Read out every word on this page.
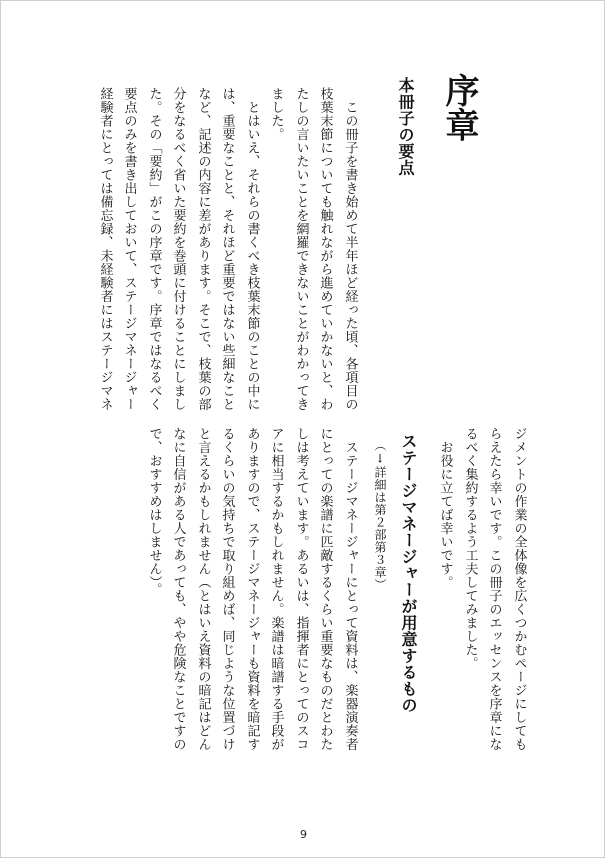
序章
本冊子の要点
　この冊子を書き始めて半年ほど経った頃、各項目の
枝葉末節についても触れながら進めていかないと、わ
たしの言いたいことを網羅できないことがわかってき
ました。
　とはいえ、それらの書くべき枝葉末節のことの中に
は、重要なことと、それほど重要ではない些細なこと
など、記述の内容に差があります。そこで、枝葉の部
分をなるべく省いた要約を巻頭に付けることにしまし
た。その「要約」がこの序章です。序章ではなるべく
要点のみを書き出しておいて、ステージマネージャー
経験者にとっては備忘録、未経験者にはステージマネ
ジメントの作業の全体像を広くつかむページにしても
らえたら幸いです。この冊子のエッセンスを序章にな
るべく集約するよう工夫してみました。
　お役に立てば幸いです。
ステージマネージャーが用意するもの
（↓詳細は第２部第３章）
　ステージマネージャーにとって資料は、楽器演奏者
にとっての楽譜に匹敵するくらい重要なものだとわた
しは考えています。あるいは、指揮者にとってのスコ
アに相当するかもしれません。楽譜は暗譜する手段が
ありますので、ステージマネージャーも資料を暗記す
るくらいの気持ちで取り組めば、同じような位置づけ
と言えるかもしれません（とはいえ資料の暗記はどん
なに自信がある人であっても、やや危険なことですの
で、おすすめはしません）。
9
